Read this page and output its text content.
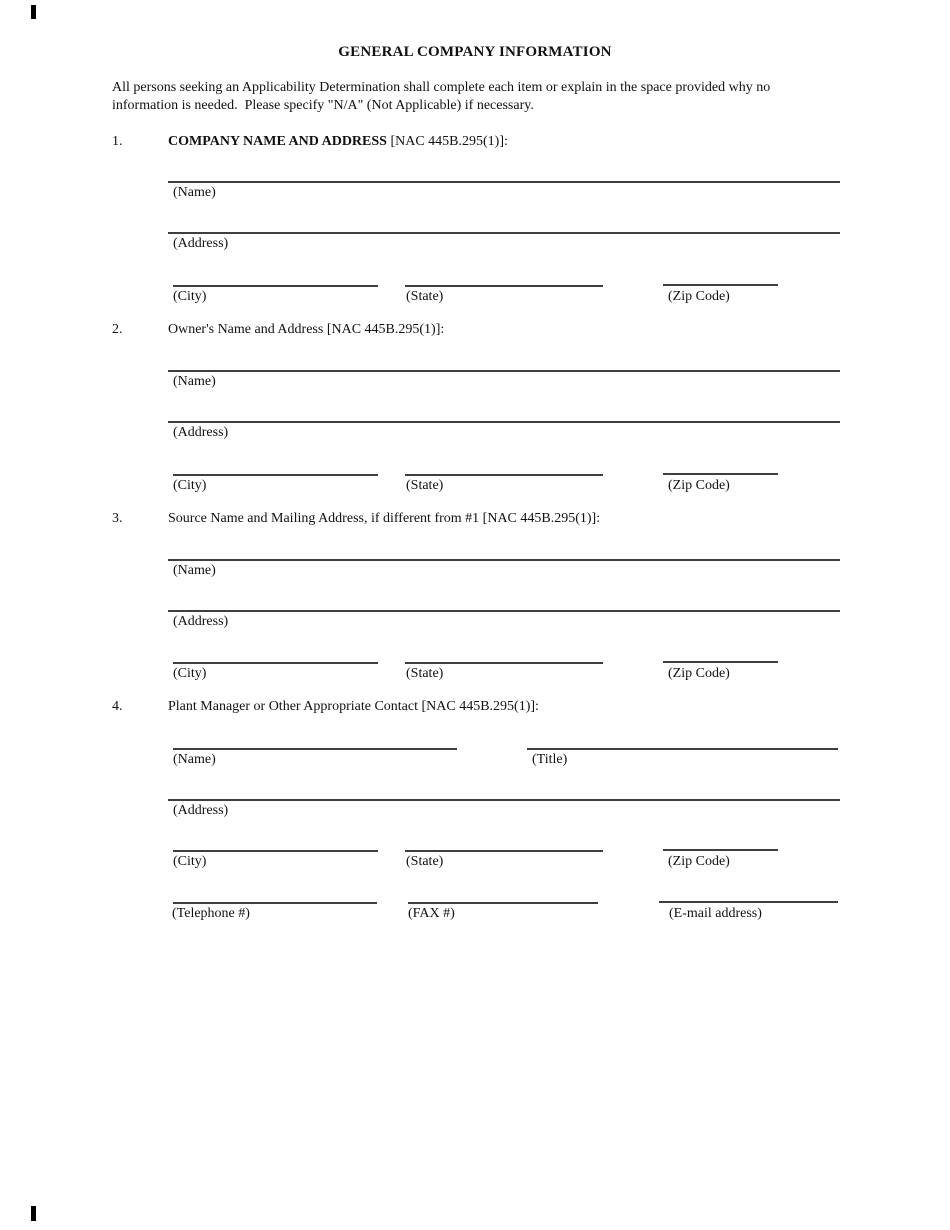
GENERAL COMPANY INFORMATION
All persons seeking an Applicability Determination shall complete each item or explain in the space provided why no
information is needed.  Please specify "N/A" (Not Applicable) if necessary.
1.	COMPANY NAME AND ADDRESS [NAC 445B.295(1)]:
(Name)
(Address)
(City)	(State)	(Zip Code)
2.	Owner's Name and Address [NAC 445B.295(1)]:
(Name)
(Address)
(City)	(State)	(Zip Code)
3.	Source Name and Mailing Address, if different from #1 [NAC 445B.295(1)]:
(Name)
(Address)
(City)	(State)	(Zip Code)
4.	Plant Manager or Other Appropriate Contact [NAC 445B.295(1)]:
(Name)	(Title)
(Address)
(City)	(State)	(Zip Code)
(Telephone #)	(FAX #)	(E-mail address)
